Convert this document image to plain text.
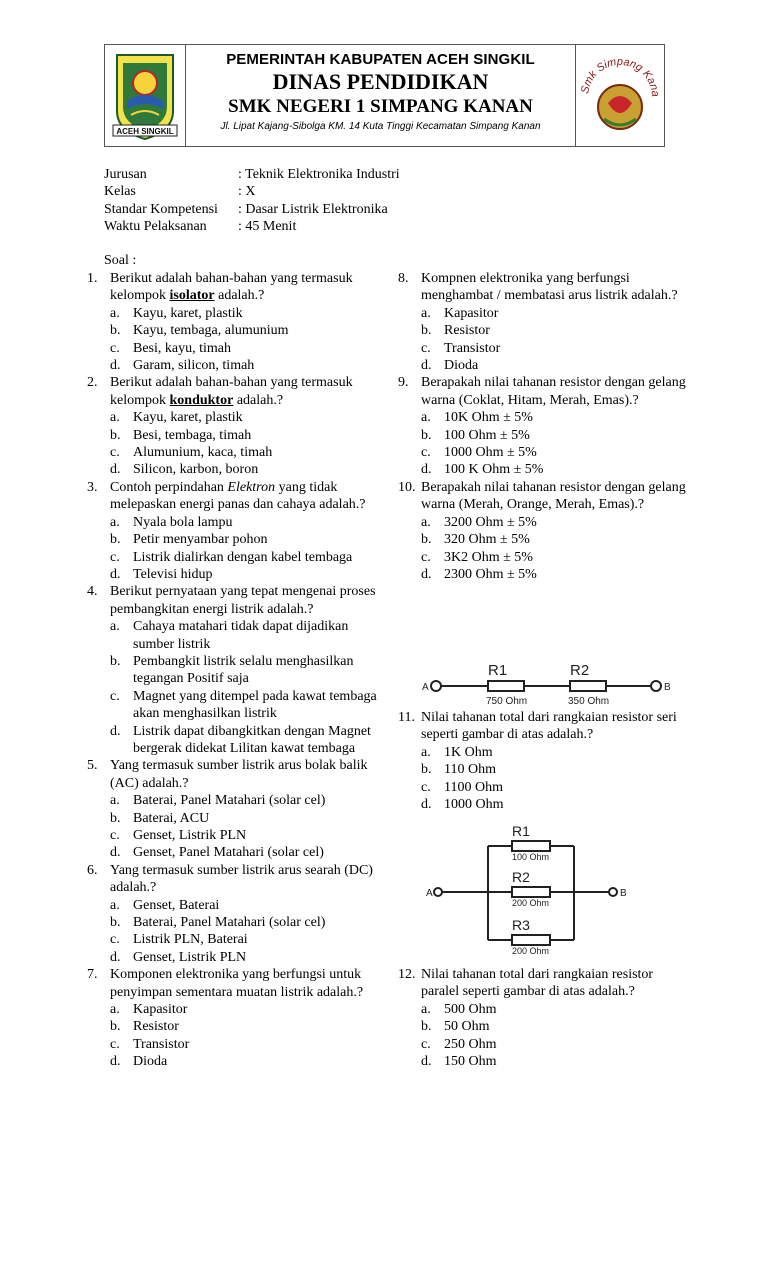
ACEH SINGKIL
PEMERINTAH KABUPATEN ACEH SINGKIL
DINAS PENDIDIKAN
SMK NEGERI 1 SIMPANG KANAN
Jl. Lipat Kajang-Sibolga KM. 14 Kuta Tinggi Kecamatan Simpang Kanan
Smk Simpang Kana
Jurusan	: Teknik Elektronika Industri
Kelas	: X
Standar Kompetensi : Dasar Listrik Elektronika
Waktu Pelaksanan : 45 Menit
Soal :
1. Berikut adalah bahan-bahan yang termasuk kelompok isolator adalah.?
a. Kayu, karet, plastik
b. Kayu, tembaga, alumunium
c. Besi, kayu, timah
d. Garam, silicon, timah
2. Berikut adalah bahan-bahan yang termasuk kelompok konduktor adalah.?
a. Kayu, karet, plastik
b. Besi, tembaga, timah
c. Alumunium, kaca, timah
d. Silicon, karbon, boron
3. Contoh perpindahan Elektron yang tidak melepaskan energi panas dan cahaya adalah.?
a. Nyala bola lampu
b. Petir menyambar pohon
c. Listrik dialirkan dengan kabel tembaga
d. Televisi hidup
4. Berikut pernyataan yang tepat mengenai proses pembangkitan energi listrik adalah.?
a. Cahaya matahari tidak dapat dijadikan sumber listrik
b. Pembangkit listrik selalu menghasilkan tegangan Positif saja
c. Magnet yang ditempel pada kawat tembaga akan menghasilkan listrik
d. Listrik dapat dibangkitkan dengan Magnet bergerak didekat Lilitan kawat tembaga
5. Yang termasuk sumber listrik arus bolak balik (AC) adalah.?
a. Baterai, Panel Matahari (solar cel)
b. Baterai, ACU
c. Genset, Listrik PLN
d. Genset, Panel Matahari (solar cel)
6. Yang termasuk sumber listrik arus searah (DC) adalah.?
a. Genset, Baterai
b. Baterai, Panel Matahari (solar cel)
c. Listrik PLN, Baterai
d. Genset, Listrik PLN
7. Komponen elektronika yang berfungsi untuk penyimpan sementara muatan listrik adalah.?
a. Kapasitor
b. Resistor
c. Transistor
d. Dioda
8. Kompnen elektronika yang berfungsi menghambat / membatasi arus listrik adalah.?
a. Kapasitor
b. Resistor
c. Transistor
d. Dioda
9. Berapakah nilai tahanan resistor dengan gelang warna (Coklat, Hitam, Merah, Emas).?
a. 10K Ohm ± 5%
b. 100 Ohm ± 5%
c. 1000 Ohm ± 5%
d. 100 K Ohm ± 5%
10. Berapakah nilai tahanan resistor dengan gelang warna (Merah, Orange, Merah, Emas).?
a. 3200 Ohm ± 5%
b. 320 Ohm ± 5%
c. 3K2 Ohm ± 5%
d. 2300 Ohm ± 5%
A	B
R1
750 Ohm
R2
350 Ohm
11. Nilai tahanan total dari rangkaian resistor seri seperti gambar di atas adalah.?
a. 1K Ohm
b. 110 Ohm
c. 1100 Ohm
d. 1000 Ohm
A	B
R1
100 Ohm
R2
200 Ohm
R3
200 Ohm
12. Nilai tahanan total dari rangkaian resistor paralel seperti gambar di atas adalah.?
a. 500 Ohm
b. 50 Ohm
c. 250 Ohm
d. 150 Ohm
